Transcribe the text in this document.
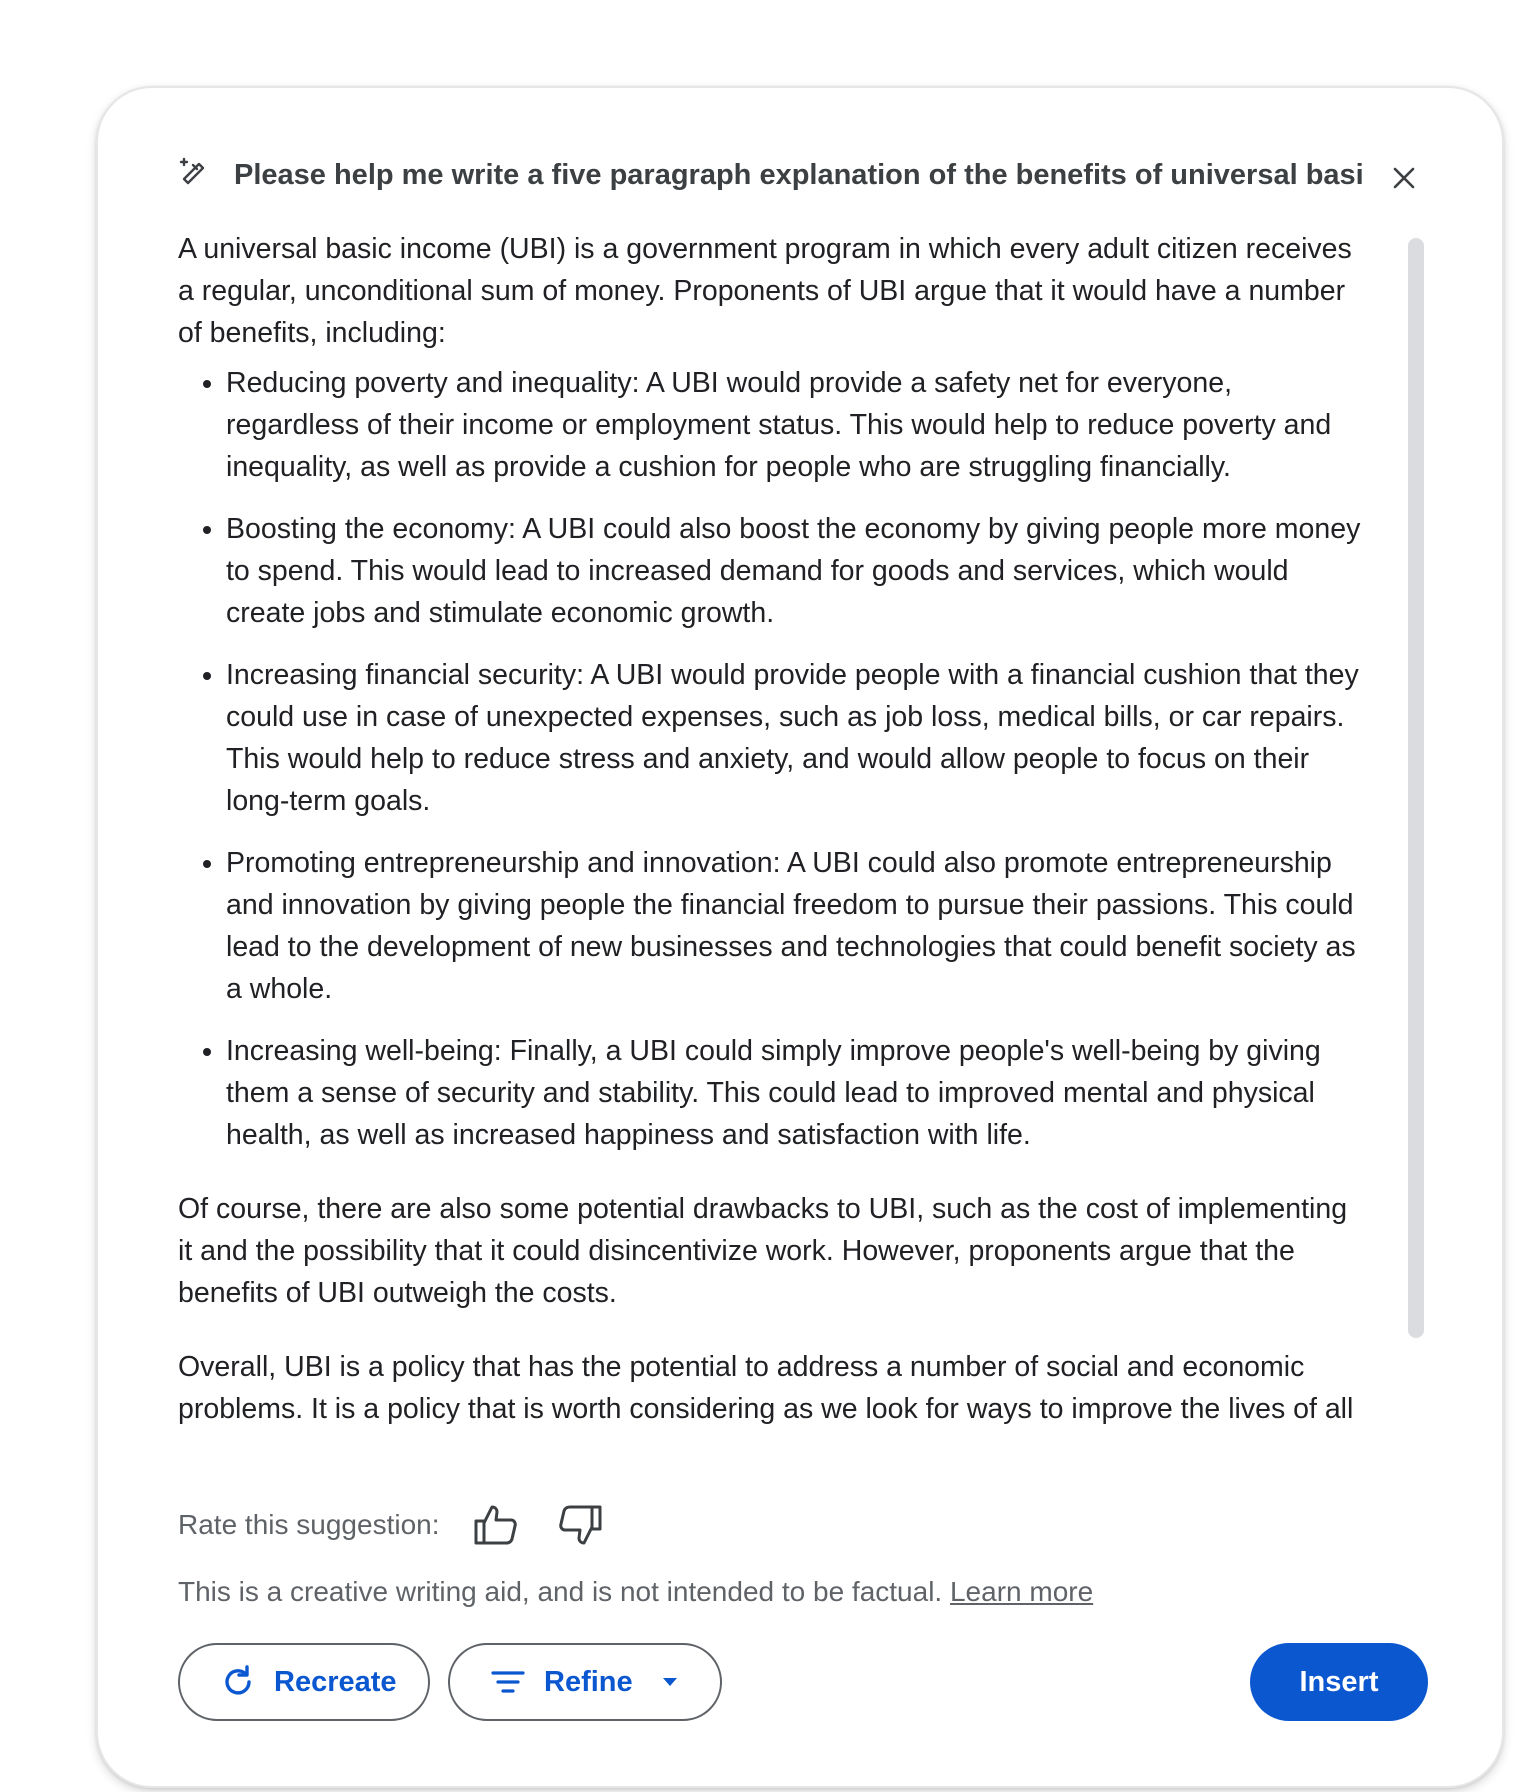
Please help me write a five paragraph explanation of the benefits of universal basi

A universal basic income (UBI) is a government program in which every adult citizen receives a regular, unconditional sum of money. Proponents of UBI argue that it would have a number of benefits, including:

• Reducing poverty and inequality: A UBI would provide a safety net for everyone, regardless of their income or employment status. This would help to reduce poverty and inequality, as well as provide a cushion for people who are struggling financially.
• Boosting the economy: A UBI could also boost the economy by giving people more money to spend. This would lead to increased demand for goods and services, which would create jobs and stimulate economic growth.
• Increasing financial security: A UBI would provide people with a financial cushion that they could use in case of unexpected expenses, such as job loss, medical bills, or car repairs. This would help to reduce stress and anxiety, and would allow people to focus on their long-term goals.
• Promoting entrepreneurship and innovation: A UBI could also promote entrepreneurship and innovation by giving people the financial freedom to pursue their passions. This could lead to the development of new businesses and technologies that could benefit society as a whole.
• Increasing well-being: Finally, a UBI could simply improve people's well-being by giving them a sense of security and stability. This could lead to improved mental and physical health, as well as increased happiness and satisfaction with life.

Of course, there are also some potential drawbacks to UBI, such as the cost of implementing it and the possibility that it could disincentivize work. However, proponents argue that the benefits of UBI outweigh the costs.

Overall, UBI is a policy that has the potential to address a number of social and economic problems. It is a policy that is worth considering as we look for ways to improve the lives of all

Rate this suggestion:
This is a creative writing aid, and is not intended to be factual. Learn more
Recreate	Refine	Insert
